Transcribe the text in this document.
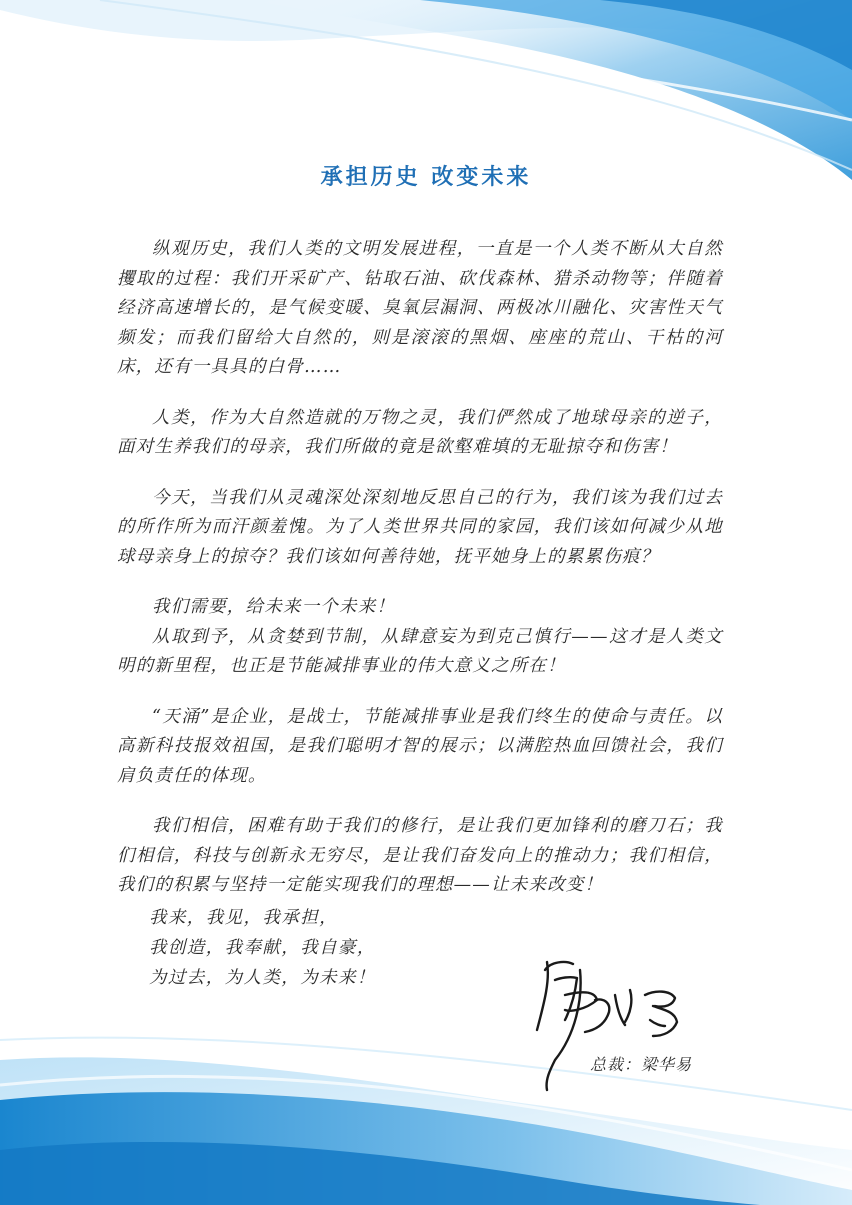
承担历史 改变未来

纵观历史，我们人类的文明发展进程，一直是一个人类不断从大自然攫取的过程：我们开采矿产、钻取石油、砍伐森林、猎杀动物等；伴随着经济高速增长的，是气候变暖、臭氧层漏洞、两极冰川融化、灾害性天气频发；而我们留给大自然的，则是滚滚的黑烟、座座的荒山、干枯的河床，还有一具具的白骨……

人类，作为大自然造就的万物之灵，我们俨然成了地球母亲的逆子，面对生养我们的母亲，我们所做的竟是欲壑难填的无耻掠夺和伤害！

今天，当我们从灵魂深处深刻地反思自己的行为，我们该为我们过去的所作所为而汗颜羞愧。为了人类世界共同的家园，我们该如何减少从地球母亲身上的掠夺？我们该如何善待她，抚平她身上的累累伤痕？

我们需要，给未来一个未来！

从取到予，从贪婪到节制，从肆意妄为到克己慎行——这才是人类文明的新里程，也正是节能减排事业的伟大意义之所在！

“天涌”是企业，是战士，节能减排事业是我们终生的使命与责任。以高新科技报效祖国，是我们聪明才智的展示；以满腔热血回馈社会，我们肩负责任的体现。

我们相信，困难有助于我们的修行，是让我们更加锋利的磨刀石；我们相信，科技与创新永无穷尽，是让我们奋发向上的推动力；我们相信，我们的积累与坚持一定能实现我们的理想——让未来改变！

我来，我见，我承担，
我创造，我奉献，我自豪，
为过去，为人类，为未来！
总裁：梁华易
